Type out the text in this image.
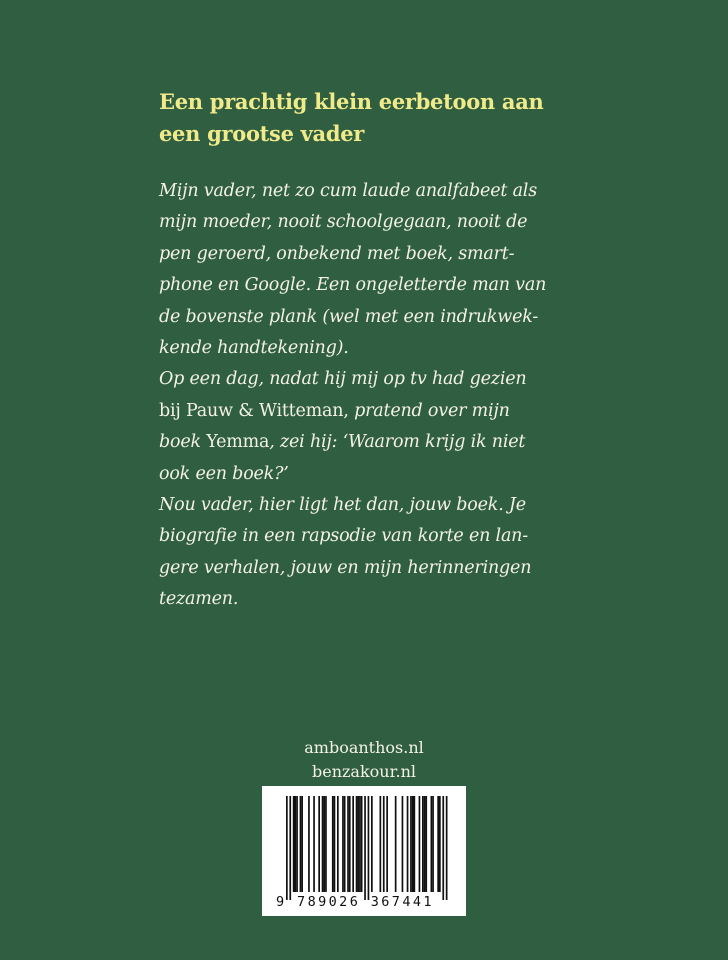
Een prachtig klein eerbetoon aan
een grootse vader
Mijn vader, net zo cum laude analfabeet als
mijn moeder, nooit schoolgegaan, nooit de
pen geroerd, onbekend met boek, smart-
phone en Google. Een ongeletterde man van
de bovenste plank (wel met een indrukwek-
kende handtekening).
Op een dag, nadat hij mij op tv had gezien
bij Pauw & Witteman, pratend over mijn
boek Yemma, zei hij: ‘Waarom krijg ik niet
ook een boek?’
Nou vader, hier ligt het dan, jouw boek. Je
biografie in een rapsodie van korte en lan-
gere verhalen, jouw en mijn herinneringen
tezamen.
amboanthos.nl
benzakour.nl
9 789026 367441
